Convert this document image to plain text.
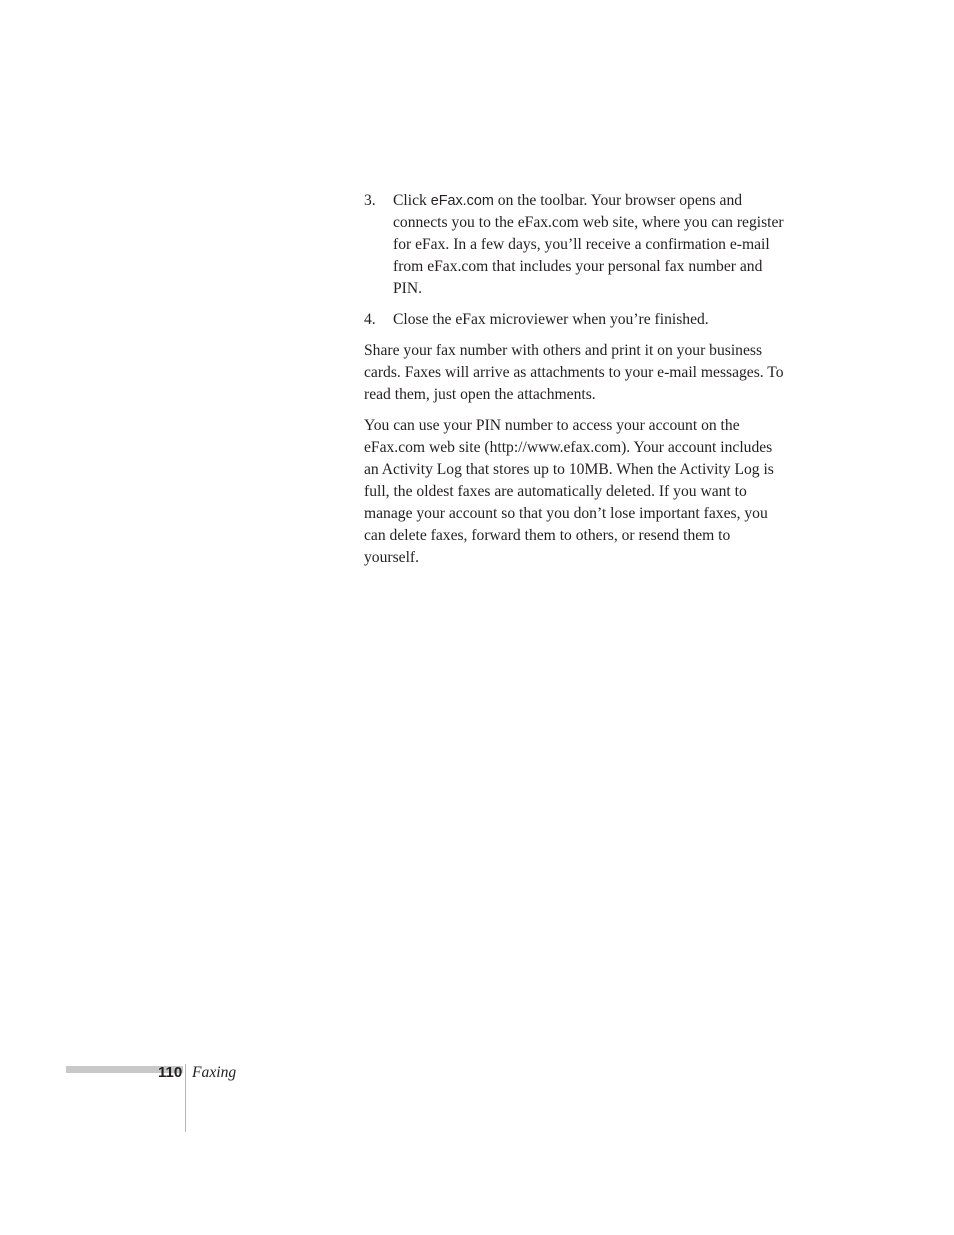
3. Click eFax.com on the toolbar. Your browser opens and connects you to the eFax.com web site, where you can register for eFax. In a few days, you’ll receive a confirmation e-mail from eFax.com that includes your personal fax number and PIN.
4. Close the eFax microviewer when you’re finished.

Share your fax number with others and print it on your business cards. Faxes will arrive as attachments to your e-mail messages. To read them, just open the attachments.

You can use your PIN number to access your account on the eFax.com web site (http://www.efax.com). Your account includes an Activity Log that stores up to 10MB. When the Activity Log is full, the oldest faxes are automatically deleted. If you want to manage your account so that you don’t lose important faxes, you can delete faxes, forward them to others, or resend them to yourself.

110 Faxing
